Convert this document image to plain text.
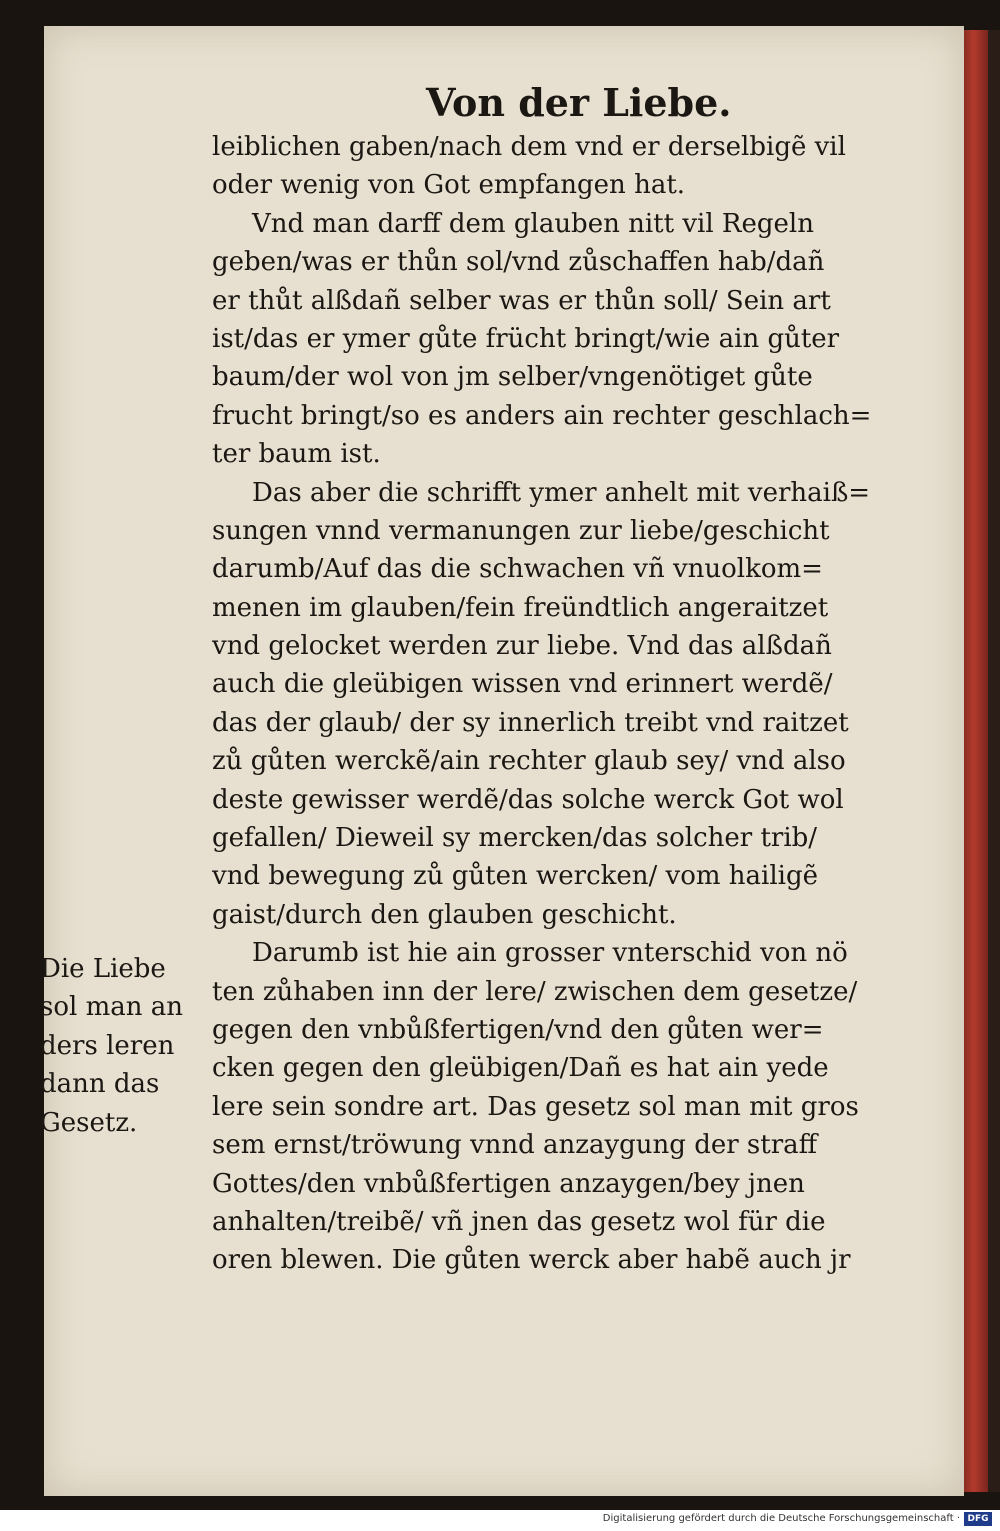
Von der Liebe.
leiblichen gaben/nach dem vnd er derselbigẽ vil
oder wenig von Got empfangen hat.
Vnd man darff dem glauben nitt vil Regeln
geben/was er thůn sol/vnd zůschaffen hab/dañ
er thůt alßdañ selber was er thůn soll/ Sein art
ist/das er ymer gůte frücht bringt/wie ain gůter
baum/der wol von jm selber/vngenötiget gůte
frucht bringt/so es anders ain rechter geschlach=
ter baum ist.
Das aber die schrifft ymer anhelt mit verhaiß=
sungen vnnd vermanungen zur liebe/geschicht
darumb/Auf das die schwachen vñ vnuolkom=
menen im glauben/fein freündtlich angeraitzet
vnd gelocket werden zur liebe. Vnd das alßdañ
auch die gleübigen wissen vnd erinnert werdẽ/
das der glaub/ der sy innerlich treibt vnd raitzet
zů gůten werckẽ/ain rechter glaub sey/ vnd also
deste gewisser werdẽ/das solche werck Got wol
gefallen/ Dieweil sy mercken/das solcher trib/
vnd bewegung zů gůten wercken/ vom hailigẽ
gaist/durch den glauben geschicht.
Darumb ist hie ain grosser vnterschid von nö
ten zůhaben inn der lere/ zwischen dem gesetze/
gegen den vnbůßfertigen/vnd den gůten wer=
cken gegen den gleübigen/Dañ es hat ain yede
lere sein sondre art. Das gesetz sol man mit gros
sem ernst/tröwung vnnd anzaygung der straff
Gottes/den vnbůßfertigen anzaygen/bey jnen
anhalten/treibẽ/ vñ jnen das gesetz wol für die
oren blewen. Die gůten werck aber habẽ auch jr
Die Liebe
sol man an
ders leren
dann das
Gesetz.
Digitalisierung gefördert durch die Deutsche Forschungsgemeinschaft · DFG
